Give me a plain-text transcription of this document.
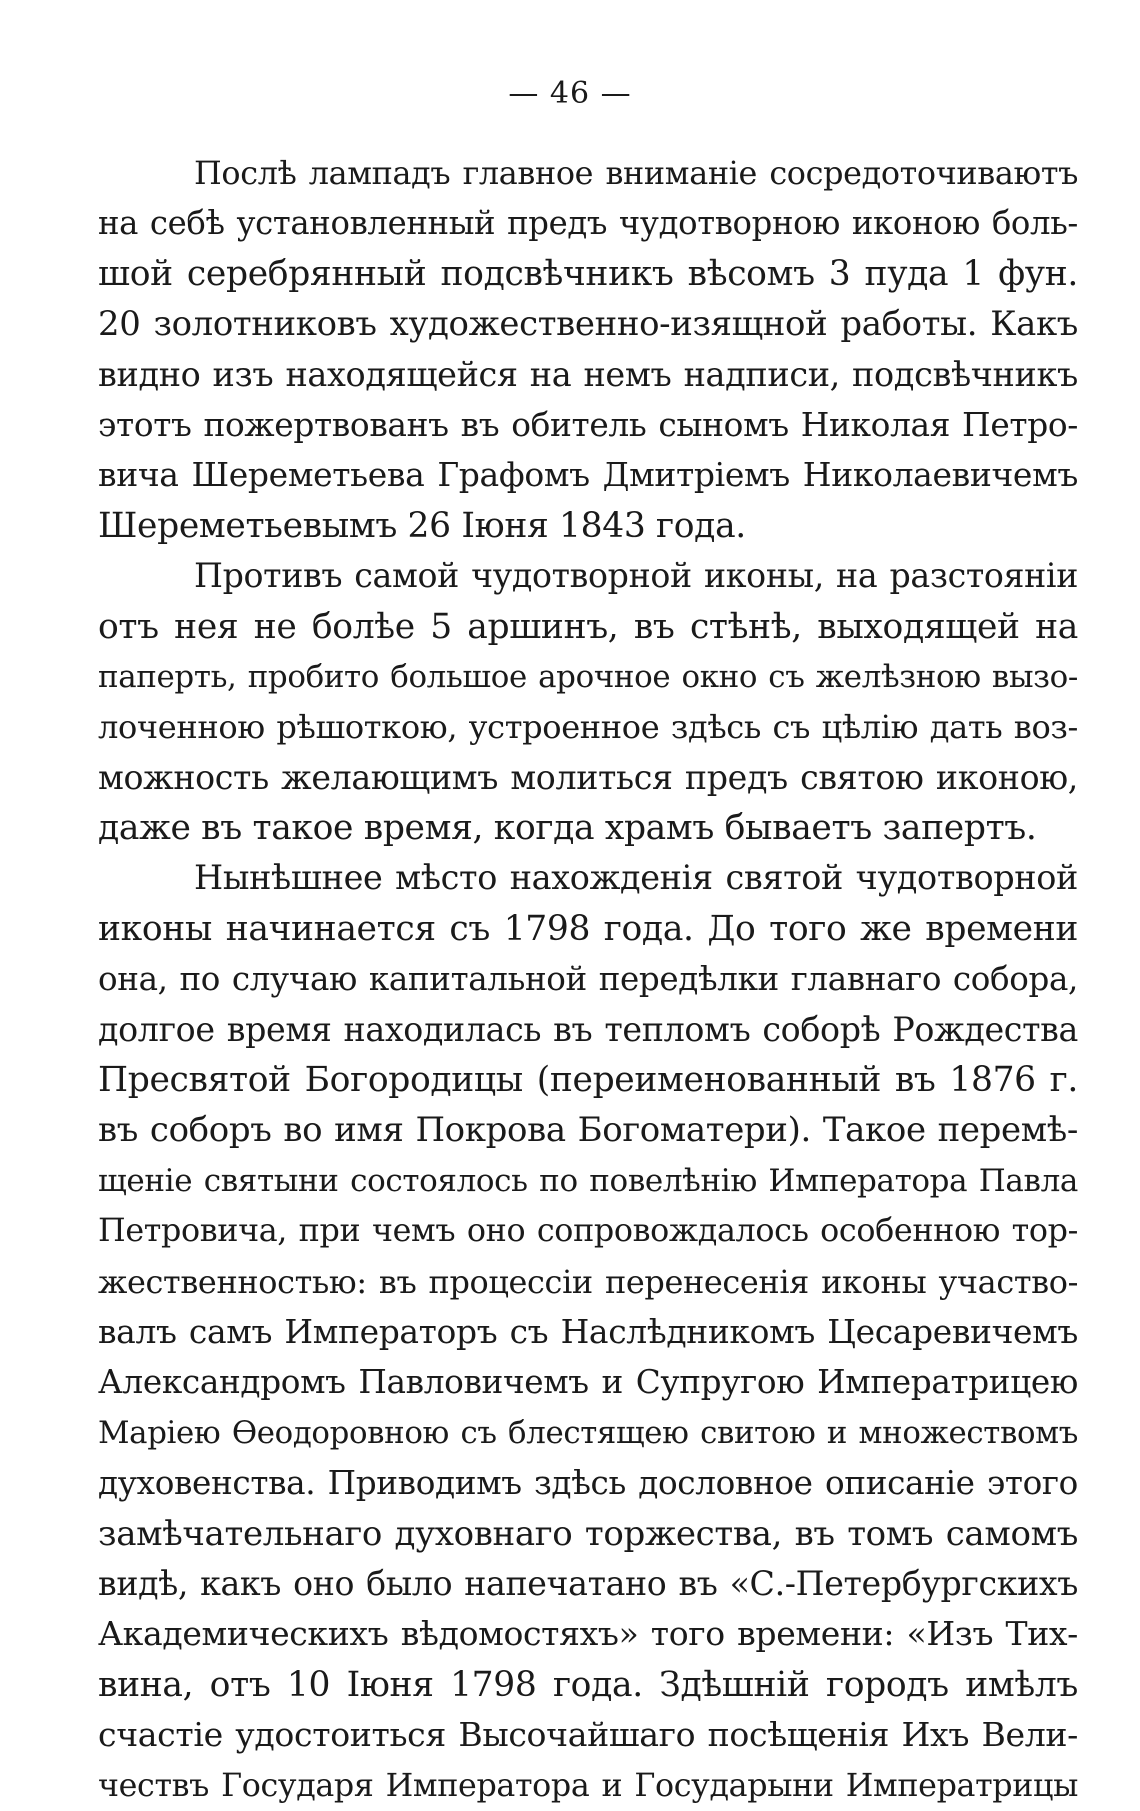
— 46 —
Послѣ лампадъ главное вниманіе сосредоточиваютъ
на себѣ установленный предъ чудотворною иконою боль-
шой серебрянный подсвѣчникъ вѣсомъ 3 пуда 1 фун.
20 золотниковъ художественно-изящной работы. Какъ
видно изъ находящейся на немъ надписи, подсвѣчникъ
этотъ пожертвованъ въ обитель сыномъ Николая Петро-
вича Шереметьева Графомъ Дмитріемъ Николаевичемъ
Шереметьевымъ 26 Іюня 1843 года.
Противъ самой чудотворной иконы, на разстояніи
отъ нея не болѣе 5 аршинъ, въ стѣнѣ, выходящей на
паперть, пробито большое арочное окно съ желѣзною вызо-
лоченною рѣшоткою, устроенное здѣсь съ цѣлію дать воз-
можность желающимъ молиться предъ святою иконою,
даже въ такое время, когда храмъ бываетъ запертъ.
Нынѣшнее мѣсто нахожденія святой чудотворной
иконы начинается съ 1798 года. До того же времени
она, по случаю капитальной передѣлки главнаго собора,
долгое время находилась въ тепломъ соборѣ Рождества
Пресвятой Богородицы (переименованный въ 1876 г.
въ соборъ во имя Покрова Богоматери). Такое перемѣ-
щеніе святыни состоялось по повелѣнію Императора Павла
Петровича, при чемъ оно сопровождалось особенною тор-
жественностью: въ процессіи перенесенія иконы участво-
валъ самъ Императоръ съ Наслѣдникомъ Цесаревичемъ
Александромъ Павловичемъ и Супругою Императрицею
Маріею Ѳеодоровною съ блестящею свитою и множествомъ
духовенства. Приводимъ здѣсь дословное описаніе этого
замѣчательнаго духовнаго торжества, въ томъ самомъ
видѣ, какъ оно было напечатано въ «С.-Петербургскихъ
Академическихъ вѣдомостяхъ» того времени: «Изъ Тих-
вина, отъ 10 Іюня 1798 года. Здѣшній городъ имѣлъ
счастіе удостоиться Высочайшаго посѣщенія Ихъ Вели-
чествъ Государя Императора и Государыни Императрицы
